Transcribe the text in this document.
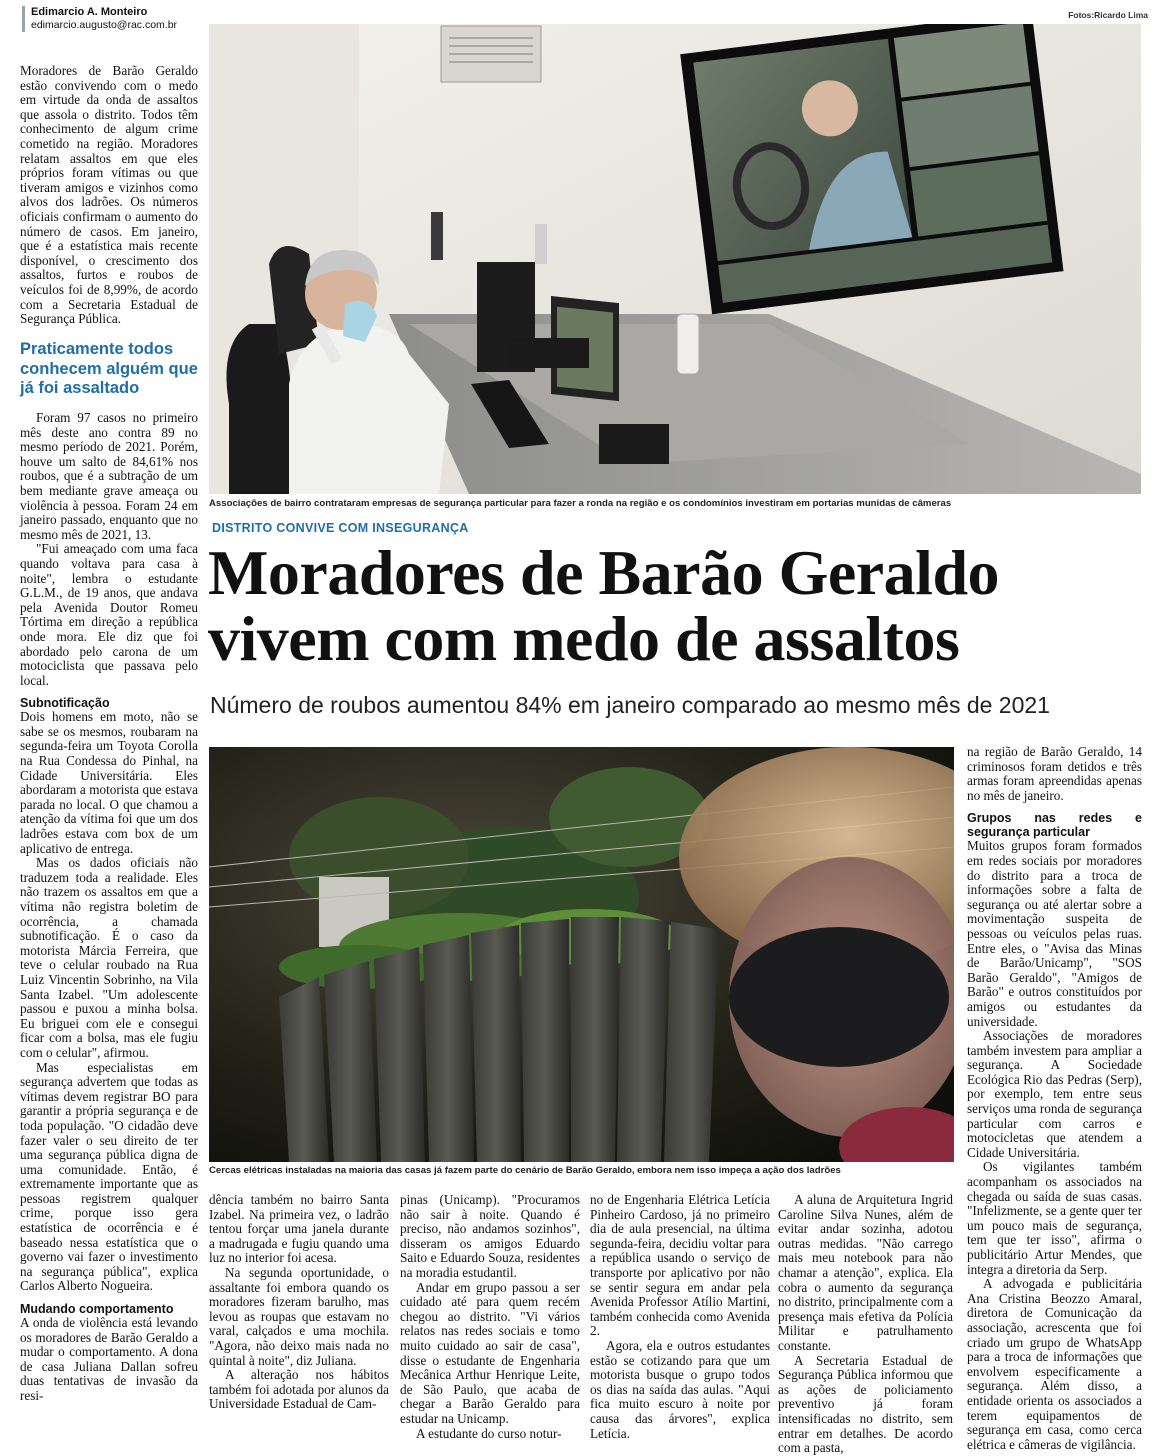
Edimarcio A. Monteiro
edimarcio.augusto@rac.com.br
Fotos:Ricardo Lima
Associações de bairro contrataram empresas de segurança particular para fazer a ronda na região e os condomínios investiram em portarias munidas de câmeras
DISTRITO CONVIVE COM INSEGURANÇA
Moradores de Barão Geraldo vivem com medo de assaltos
Número de roubos aumentou 84% em janeiro comparado ao mesmo mês de 2021
Cercas elétricas instaladas na maioria das casas já fazem parte do cenário de Barão Geraldo, embora nem isso impeça a ação dos ladrões
Praticamente todos conhecem alguém que já foi assaltado

Moradores de Barão Geraldo estão convivendo com o medo em virtude da onda de assaltos que assola o distrito. Todos têm conhecimento de algum crime cometido na região. Moradores relatam assaltos em que eles próprios foram vítimas ou que tiveram amigos e vizinhos como alvos dos ladrões. Os números oficiais confirmam o aumento do número de casos. Em janeiro, que é a estatística mais recente disponível, o crescimento dos assaltos, furtos e roubos de veículos foi de 8,99%, de acordo com a Secretaria Estadual de Segurança Pública.

Foram 97 casos no primeiro mês deste ano contra 89 no mesmo período de 2021. Porém, houve um salto de 84,61% nos roubos, que é a subtração de um bem mediante grave ameaça ou violência à pessoa. Foram 24 em janeiro passado, enquanto que no mesmo mês de 2021, 13.

"Fui ameaçado com uma faca quando voltava para casa à noite", lembra o estudante G.L.M., de 19 anos, que andava pela Avenida Doutor Romeu Tórtima em direção a república onde mora. Ele diz que foi abordado pelo carona de um motociclista que passava pelo local.

Subnotificação

Dois homens em moto, não se sabe se os mesmos, roubaram na segunda-feira um Toyota Corolla na Rua Condessa do Pinhal, na Cidade Universitária. Eles abordaram a motorista que estava parada no local. O que chamou a atenção da vítima foi que um dos ladrões estava com box de um aplicativo de entrega.

Mas os dados oficiais não traduzem toda a realidade. Eles não trazem os assaltos em que a vítima não registra boletim de ocorrência, a chamada subnotificação. É o caso da motorista Márcia Ferreira, que teve o celular roubado na Rua Luiz Vincentin Sobrinho, na Vila Santa Izabel. "Um adolescente passou e puxou a minha bolsa. Eu briguei com ele e consegui ficar com a bolsa, mas ele fugiu com o celular", afirmou.

Mas especialistas em segurança advertem que todas as vítimas devem registrar BO para garantir a própria segurança e de toda população. "O cidadão deve fazer valer o seu direito de ter uma segurança pública digna de uma comunidade. Então, é extremamente importante que as pessoas registrem qualquer crime, porque isso gera estatística de ocorrência e é baseado nessa estatística que o governo vai fazer o investimento na segurança pública", explica Carlos Alberto Nogueira.

Mudando comportamento

A onda de violência está levando os moradores de Barão Geraldo a mudar o comportamento. A dona de casa Juliana Dallan sofreu duas tentativas de invasão da resi-

dência também no bairro Santa Izabel. Na primeira vez, o ladrão tentou forçar uma janela durante a madrugada e fugiu quando uma luz no interior foi acesa.

Na segunda oportunidade, o assaltante foi embora quando os moradores fizeram barulho, mas levou as roupas que estavam no varal, calçados e uma mochila. "Agora, não deixo mais nada no quintal à noite", diz Juliana.

A alteração nos hábitos também foi adotada por alunos da Universidade Estadual de Cam-

pinas (Unicamp). "Procuramos não sair à noite. Quando é preciso, não andamos sozinhos", disseram os amigos Eduardo Saito e Eduardo Souza, residentes na moradia estudantil.

Andar em grupo passou a ser cuidado até para quem recém chegou ao distrito. "Vi vários relatos nas redes sociais e tomo muito cuidado ao sair de casa", disse o estudante de Engenharia Mecânica Arthur Henrique Leite, de São Paulo, que acaba de chegar a Barão Geraldo para estudar na Unicamp.

A estudante do curso notur-

no de Engenharia Elétrica Letícia Pinheiro Cardoso, já no primeiro dia de aula presencial, na última segunda-feira, decidiu voltar para a república usando o serviço de transporte por aplicativo por não se sentir segura em andar pela Avenida Professor Atílio Martini, também conhecida como Avenida 2.

Agora, ela e outros estudantes estão se cotizando para que um motorista busque o grupo todos os dias na saída das aulas. "Aqui fica muito escuro à noite por causa das árvores", explica Letícia.

A aluna de Arquitetura Ingrid Caroline Silva Nunes, além de evitar andar sozinha, adotou outras medidas. "Não carrego mais meu notebook para não chamar a atenção", explica. Ela cobra o aumento da segurança no distrito, principalmente com a presença mais efetiva da Polícia Militar e patrulhamento constante.

A Secretaria Estadual de Segurança Pública informou que as ações de policiamento preventivo já foram intensificadas no distrito, sem entrar em detalhes. De acordo com a pasta,

na região de Barão Geraldo, 14 criminosos foram detidos e três armas foram apreendidas apenas no mês de janeiro.

Grupos nas redes e segurança particular

Muitos grupos foram formados em redes sociais por moradores do distrito para a troca de informações sobre a falta de segurança ou até alertar sobre a movimentação suspeita de pessoas ou veículos pelas ruas. Entre eles, o "Avisa das Minas de Barão/Unicamp", "SOS Barão Geraldo", "Amigos de Barão" e outros constituídos por amigos ou estudantes da universidade.

Associações de moradores também investem para ampliar a segurança. A Sociedade Ecológica Rio das Pedras (Serp), por exemplo, tem entre seus serviços uma ronda de segurança particular com carros e motocicletas que atendem a Cidade Universitária.

Os vigilantes também acompanham os associados na chegada ou saída de suas casas. "Infelizmente, se a gente quer ter um pouco mais de segurança, tem que ter isso", afirma o publicitário Artur Mendes, que integra a diretoria da Serp.

A advogada e publicitária Ana Cristina Beozzo Amaral, diretora de Comunicação da associação, acrescenta que foi criado um grupo de WhatsApp para a troca de informações que envolvem especificamente a segurança. Além disso, a entidade orienta os associados a terem equipamentos de segurança em casa, como cerca elétrica e câmeras de vigilância.
